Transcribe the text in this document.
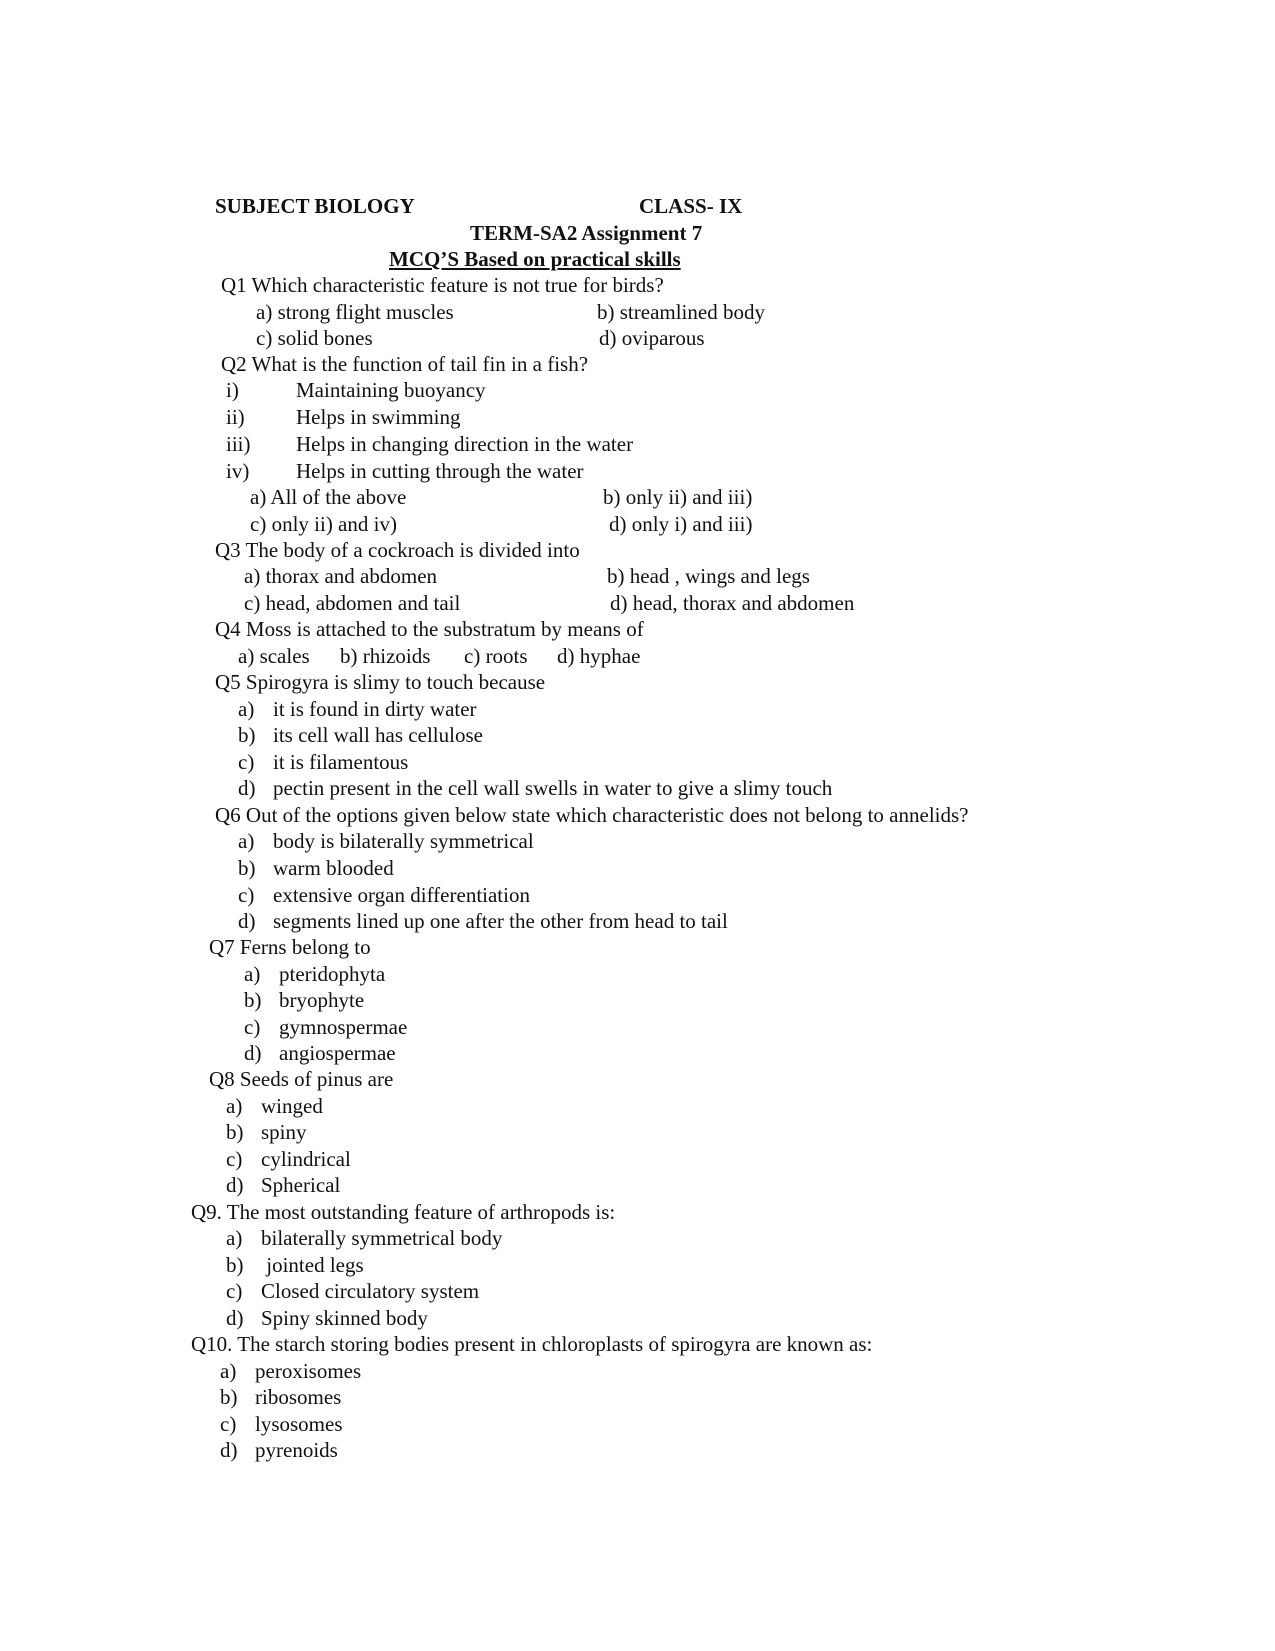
SUBJECT BIOLOGY	CLASS- IX
TERM-SA2 Assignment 7
MCQ’S Based on practical skills
Q1 Which characteristic feature is not true for birds?
a) strong flight muscles	b) streamlined body
c) solid bones	d) oviparous
Q2 What is the function of tail fin in a fish?
i)	Maintaining buoyancy
ii) Helps in swimming
iii) Helps in changing direction in the water
iv) Helps in cutting through the water
a) All of the above	b) only ii) and iii)
c) only ii) and iv)	d) only i) and iii)
Q3 The body of a cockroach is divided into
a) thorax and abdomen	b) head , wings and legs
c) head, abdomen and tail	d) head, thorax and abdomen
Q4 Moss is attached to the substratum by means of
a) scales b) rhizoids c) roots d) hyphae
Q5 Spirogyra is slimy to touch because
a) it is found in dirty water
b) its cell wall has cellulose
c) it is filamentous
d) pectin present in the cell wall swells in water to give a slimy touch
Q6 Out of the options given below state which characteristic does not belong to annelids?
a) body is bilaterally symmetrical
b) warm blooded
c) extensive organ differentiation
d) segments lined up one after the other from head to tail
Q7 Ferns belong to
a) pteridophyta
b) bryophyte
c) gymnospermae
d) angiospermae
Q8 Seeds of pinus are
a) winged
b) spiny
c) cylindrical
d) Spherical
Q9. The most outstanding feature of arthropods is:
a) bilaterally symmetrical body
b) jointed legs
c) Closed circulatory system
d) Spiny skinned body
Q10. The starch storing bodies present in chloroplasts of spirogyra are known as:
a) peroxisomes
b) ribosomes
c) lysosomes
d) pyrenoids
